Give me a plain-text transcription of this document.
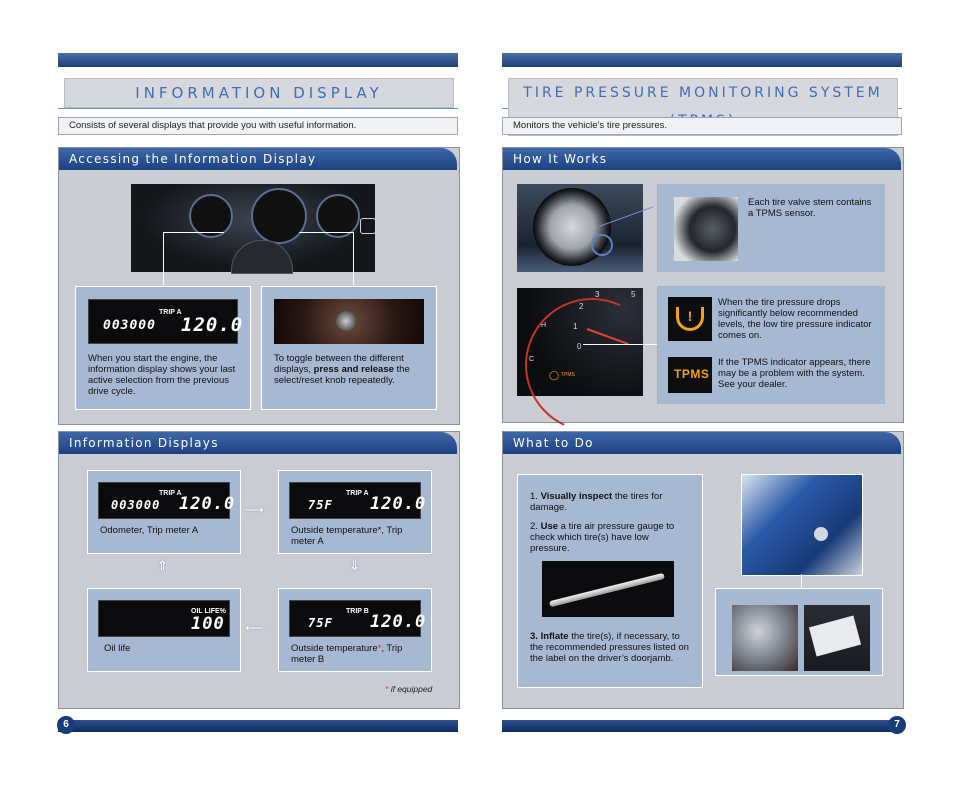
INFORMATION DISPLAY
Consists of several displays that provide you with useful information.
Accessing the Information Display
TRIP A
003000 120.0
When you start the engine, the information display shows your last active selection from the previous drive cycle.
To toggle between the different displays, press and release the select/reset knob repeatedly.
Information Displays
TRIP A
003000 120.0
Odometer, Trip meter A
TRIP A
75F 120.0
Outside temperature*, Trip meter A
OIL LIFE%
100
Oil life
TRIP B
75F 120.0
Outside temperature*, Trip meter B
⟶
⇓
⟵
⇑
* if equipped
6
TIRE PRESSURE MONITORING SYSTEM
Monitors the vehicle’s tire pressures.
How It Works
Each tire valve stem contains a TPMS sensor.
3	5
2
1
0
H
C
◯ TPMS
!
When the tire pressure drops significantly below recommended levels, the low tire pressure indicator comes on.
TPMS
If the TPMS indicator appears, there may be a problem with the system. See your dealer.
What to Do
1. Visually inspect the tires for damage.
2. Use a tire air pressure gauge to check which tire(s) have low pressure.
3. Inflate the tire(s), if necessary, to the recommended pressures listed on the label on the driver’s doorjamb.
7
